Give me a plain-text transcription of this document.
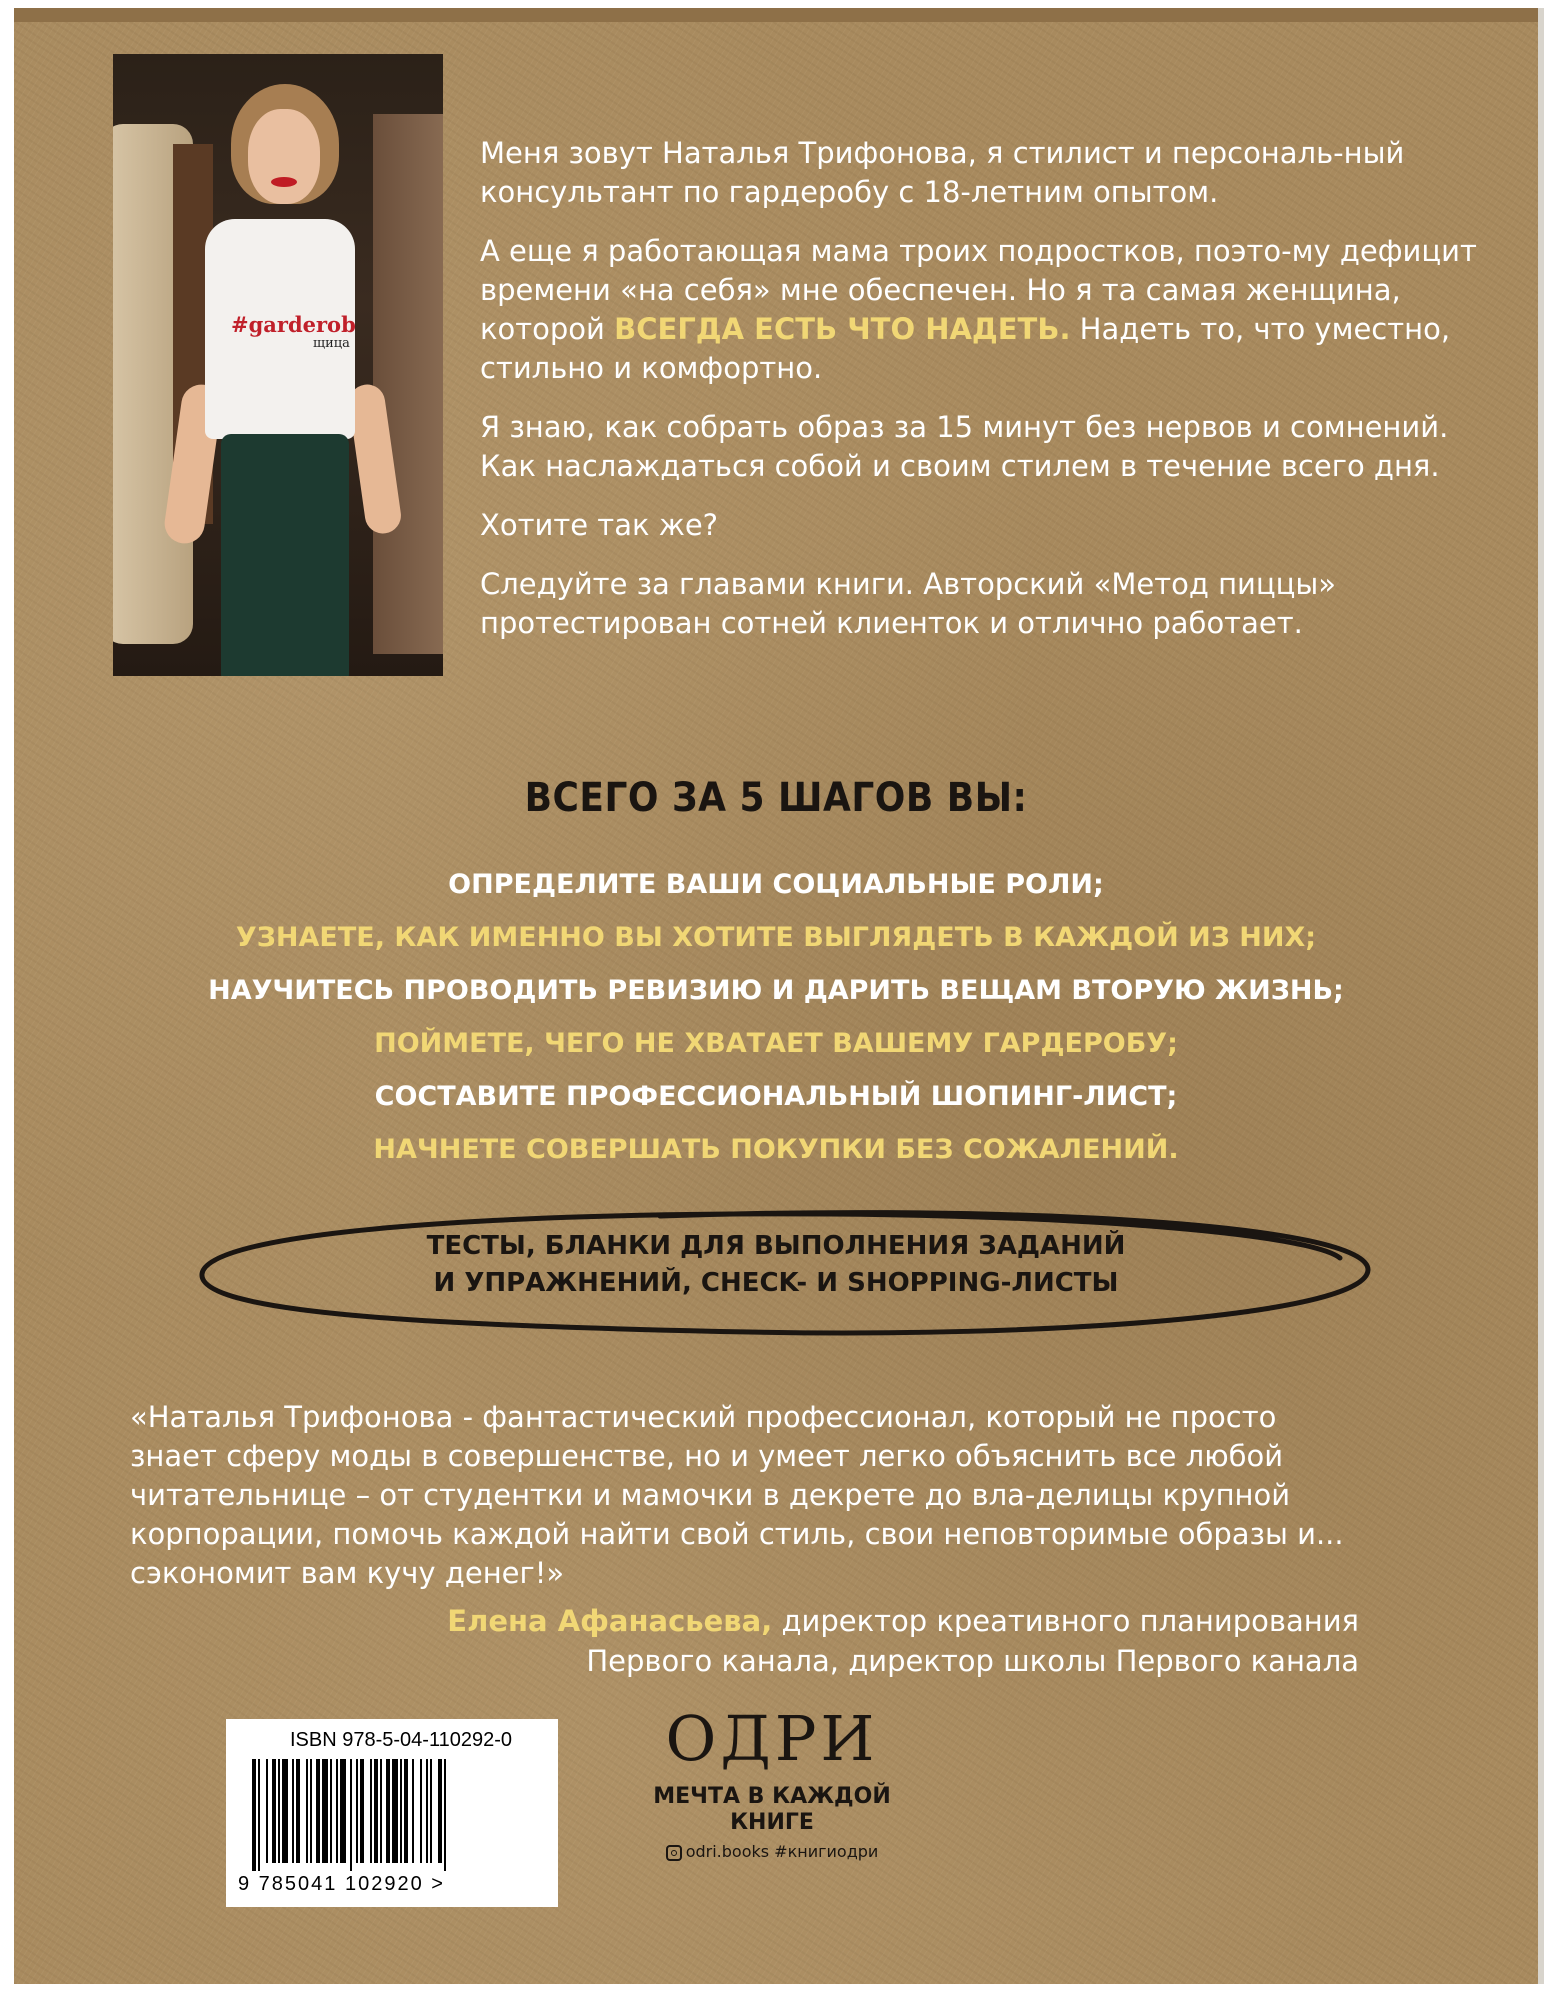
#garderob
щица

Меня зовут Наталья Трифонова, я стилист и персональ-ный консультант по гардеробу с 18-летним опытом.

А еще я работающая мама троих подростков, поэто-му дефицит времени «на себя» мне обеспечен. Но я та самая женщина, которой ВСЕГДА ЕСТЬ ЧТО НАДЕТЬ. Надеть то, что уместно, стильно и комфортно.

Я знаю, как собрать образ за 15 минут без нервов и сомнений. Как наслаждаться собой и своим стилем в течение всего дня.

Хотите так же?

Следуйте за главами книги. Авторский «Метод пиццы» протестирован сотней клиенток и отлично работает.

ВСЕГО ЗА 5 ШАГОВ ВЫ:
ОПРЕДЕЛИТЕ ВАШИ СОЦИАЛЬНЫЕ РОЛИ;
УЗНАЕТЕ, КАК ИМЕННО ВЫ ХОТИТЕ ВЫГЛЯДЕТЬ В КАЖДОЙ ИЗ НИХ;
НАУЧИТЕСЬ ПРОВОДИТЬ РЕВИЗИЮ И ДАРИТЬ ВЕЩАМ ВТОРУЮ ЖИЗНЬ;
ПОЙМЕТЕ, ЧЕГО НЕ ХВАТАЕТ ВАШЕМУ ГАРДЕРОБУ;
СОСТАВИТЕ ПРОФЕССИОНАЛЬНЫЙ ШОПИНГ-ЛИСТ;
НАЧНЕТЕ СОВЕРШАТЬ ПОКУПКИ БЕЗ СОЖАЛЕНИЙ.
ТЕСТЫ, БЛАНКИ ДЛЯ ВЫПОЛНЕНИЯ ЗАДАНИЙ
И УПРАЖНЕНИЙ, CHECK- И SHOPPING-ЛИСТЫ

«Наталья Трифонова - фантастический профессионал, который не просто знает сферу моды в совершенстве, но и умеет легко объяснить все любой читательнице – от студентки и мамочки в декрете до вла-делицы крупной корпорации, помочь каждой найти свой стиль, свои неповторимые образы и... сэкономит вам кучу денег!»

Елена Афанасьева, директор креативного планирования
Первого канала, директор школы Первого канала
ISBN 978-5-04-110292-0
9 785041 102920 >
ОДРИ
МЕЧТА В КАЖДОЙ
КНИГЕ
odri.books #книгиодри
